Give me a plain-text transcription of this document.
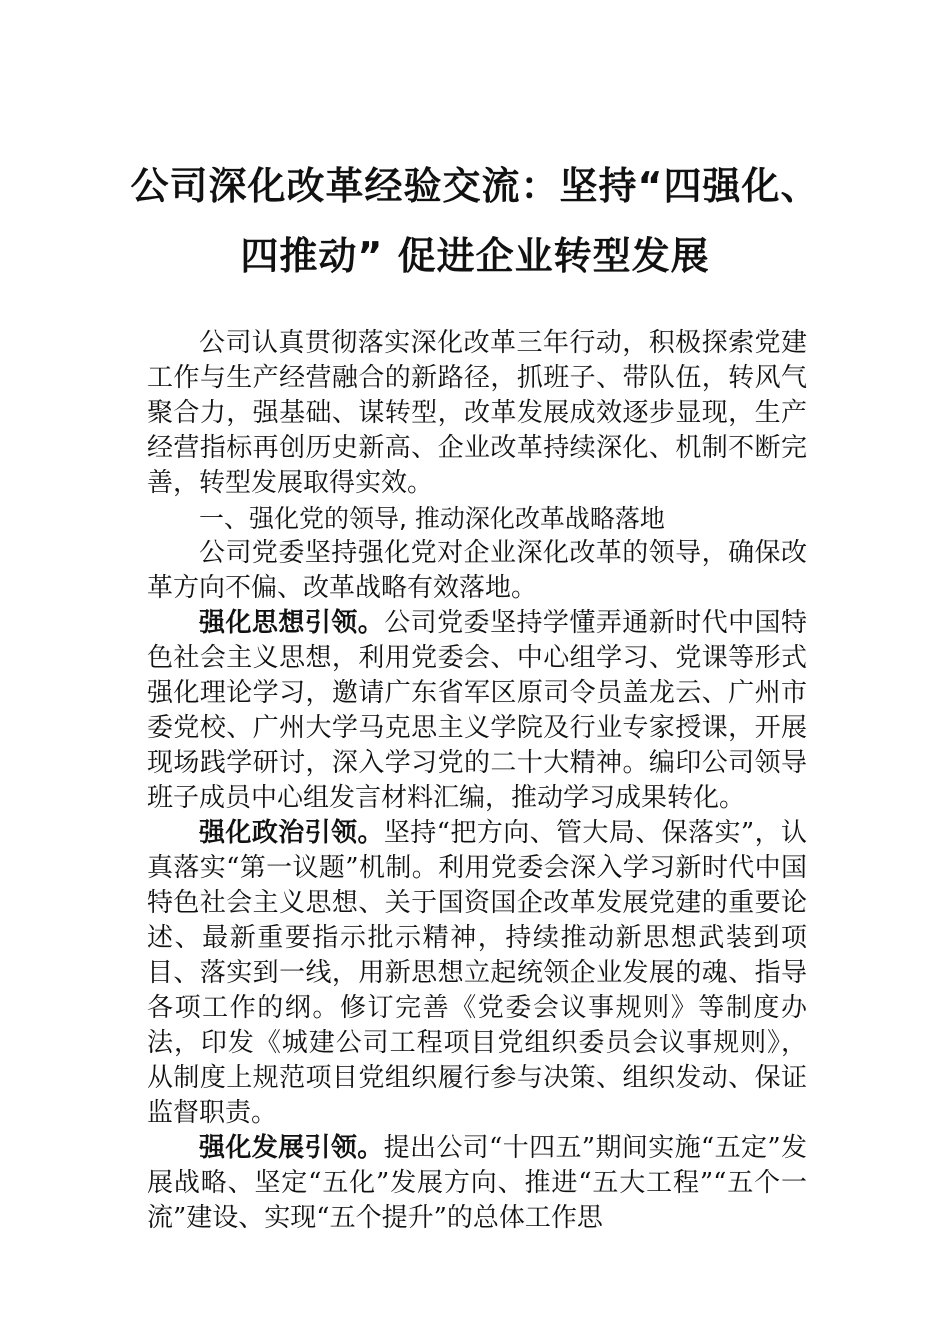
公司深化改革经验交流：坚持“四强化、
四推动” 促进企业转型发展

公司认真贯彻落实深化改革三年行动，积极探索党建工作与生产经营融合的新路径，抓班子、带队伍，转风气聚合力，强基础、谋转型，改革发展成效逐步显现，生产经营指标再创历史新高、企业改革持续深化、机制不断完善，转型发展取得实效。

一、强化党的领导, 推动深化改革战略落地

公司党委坚持强化党对企业深化改革的领导，确保改革方向不偏、改革战略有效落地。

强化思想引领。公司党委坚持学懂弄通新时代中国特色社会主义思想，利用党委会、中心组学习、党课等形式强化理论学习，邀请广东省军区原司令员盖龙云、广州市委党校、广州大学马克思主义学院及行业专家授课，开展现场践学研讨，深入学习党的二十大精神。编印公司领导班子成员中心组发言材料汇编，推动学习成果转化。

强化政治引领。坚持“把方向、管大局、保落实”，认真落实“第一议题”机制。利用党委会深入学习新时代中国特色社会主义思想、关于国资国企改革发展党建的重要论述、最新重要指示批示精神，持续推动新思想武装到项目、落实到一线，用新思想立起统领企业发展的魂、指导各项工作的纲。修订完善《党委会议事规则》等制度办法，印发《城建公司工程项目党组织委员会议事规则》，从制度上规范项目党组织履行参与决策、组织发动、保证监督职责。

强化发展引领。提出公司“十四五”期间实施“五定”发展战略、坚定“五化”发展方向、推进“五大工程”“五个一流”建设、实现“五个提升”的总体工作思
